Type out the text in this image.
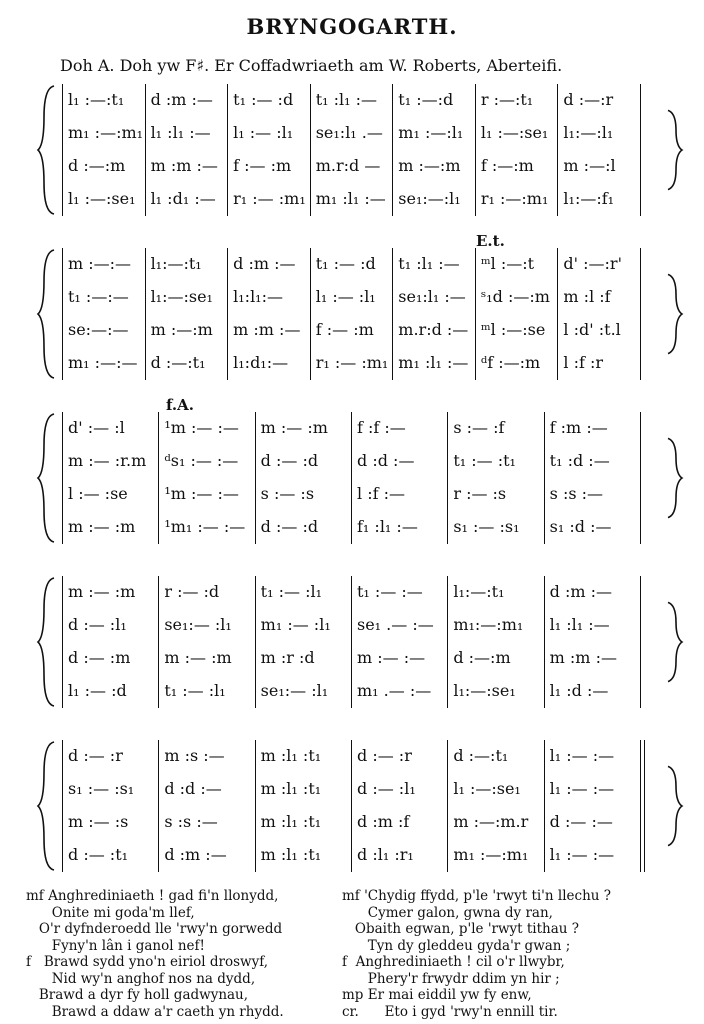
BRYNGOGARTH.
Doh A. Doh yw F♯. Er Coffadwriaeth am W. Roberts, Aberteifi.
l₁ :—:t₁
m₁ :—:m₁
d :—:m
l₁ :—:se₁
d :m :—
l₁ :l₁ :—
m :m :—
l₁ :d₁ :—
t₁ :— :d
l₁ :— :l₁
f :— :m
r₁ :— :m₁
t₁ :l₁ :—
se₁:l₁ .—
m.r:d —
m₁ :l₁ :—
t₁ :—:d
m₁ :—:l₁
m :—:m
se₁:—:l₁
r :—:t₁
l₁ :—:se₁
f :—:m
r₁ :—:m₁
d :—:r
l₁:—:l₁
m :—:l
l₁:—:f₁
m :—:—
t₁ :—:—
se:—:—
m₁ :—:—
l₁:—:t₁
l₁:—:se₁
m :—:m
d :—:t₁
d :m :—
l₁:l₁:—
m :m :—
l₁:d₁:—
t₁ :— :d
l₁ :— :l₁
f :— :m
r₁ :— :m₁
t₁ :l₁ :—
se₁:l₁ :—
m.r:d :—
m₁ :l₁ :—
ᵐl :—:t
ˢ₁d :—:m
ᵐl :—:se
ᵈf :—:m
d' :—:r'
m :l :f
l :d' :t.l
l :f :r
E.t.
d' :— :l
m :— :r.m
l :— :se
m :— :m
¹m :— :—
ᵈs₁ :— :—
¹m :— :—
¹m₁ :— :—
m :— :m
d :— :d
s :— :s
d :— :d
f :f :—
d :d :—
l :f :—
f₁ :l₁ :—
s :— :f
t₁ :— :t₁
r :— :s
s₁ :— :s₁
f :m :—
t₁ :d :—
s :s :—
s₁ :d :—
f.A.
m :— :m
d :— :l₁
d :— :m
l₁ :— :d
r :— :d
se₁:— :l₁
m :— :m
t₁ :— :l₁
t₁ :— :l₁
m₁ :— :l₁
m :r :d
se₁:— :l₁
t₁ :— :—
se₁ .— :—
m :— :—
m₁ .— :—
l₁:—:t₁
m₁:—:m₁
d :—:m
l₁:—:se₁
d :m :—
l₁ :l₁ :—
m :m :—
l₁ :d :—
d :— :r
s₁ :— :s₁
m :— :s
d :— :t₁
m :s :—
d :d :—
s :s :—
d :m :—
m :l₁ :t₁
m :l₁ :t₁
m :l₁ :t₁
m :l₁ :t₁
d :— :r
d :— :l₁
d :m :f
d :l₁ :r₁
d :—:t₁
l₁ :—:se₁
m :—:m.r
m₁ :—:m₁
l₁ :— :—
l₁ :— :—
d :— :—
l₁ :— :—
mf Anghrediniaeth ! gad fi'n llonydd,
Onite mi goda'm llef,
O'r dyfnderoedd lle 'rwy'n gorwedd
Fyny'n lân i ganol nef!
f   Brawd sydd yno'n eiriol droswyf,
Nid wy'n anghof nos na dydd,
Brawd a dyr fy holl gadwynau,
Brawd a ddaw a'r caeth yn rhydd.
mf 'Chydig ffydd, p'le 'rwyt ti'n llechu ?
Cymer galon, gwna dy ran,
Obaith egwan, p'le 'rwyt tithau ?
Tyn dy gleddeu gyda'r gwan ;
f  Anghrediniaeth ! cil o'r llwybr,
Phery'r frwydr ddim yn hir ;
mp Er mai eiddil yw fy enw,
cr.      Eto i gyd 'rwy'n ennill tir.
